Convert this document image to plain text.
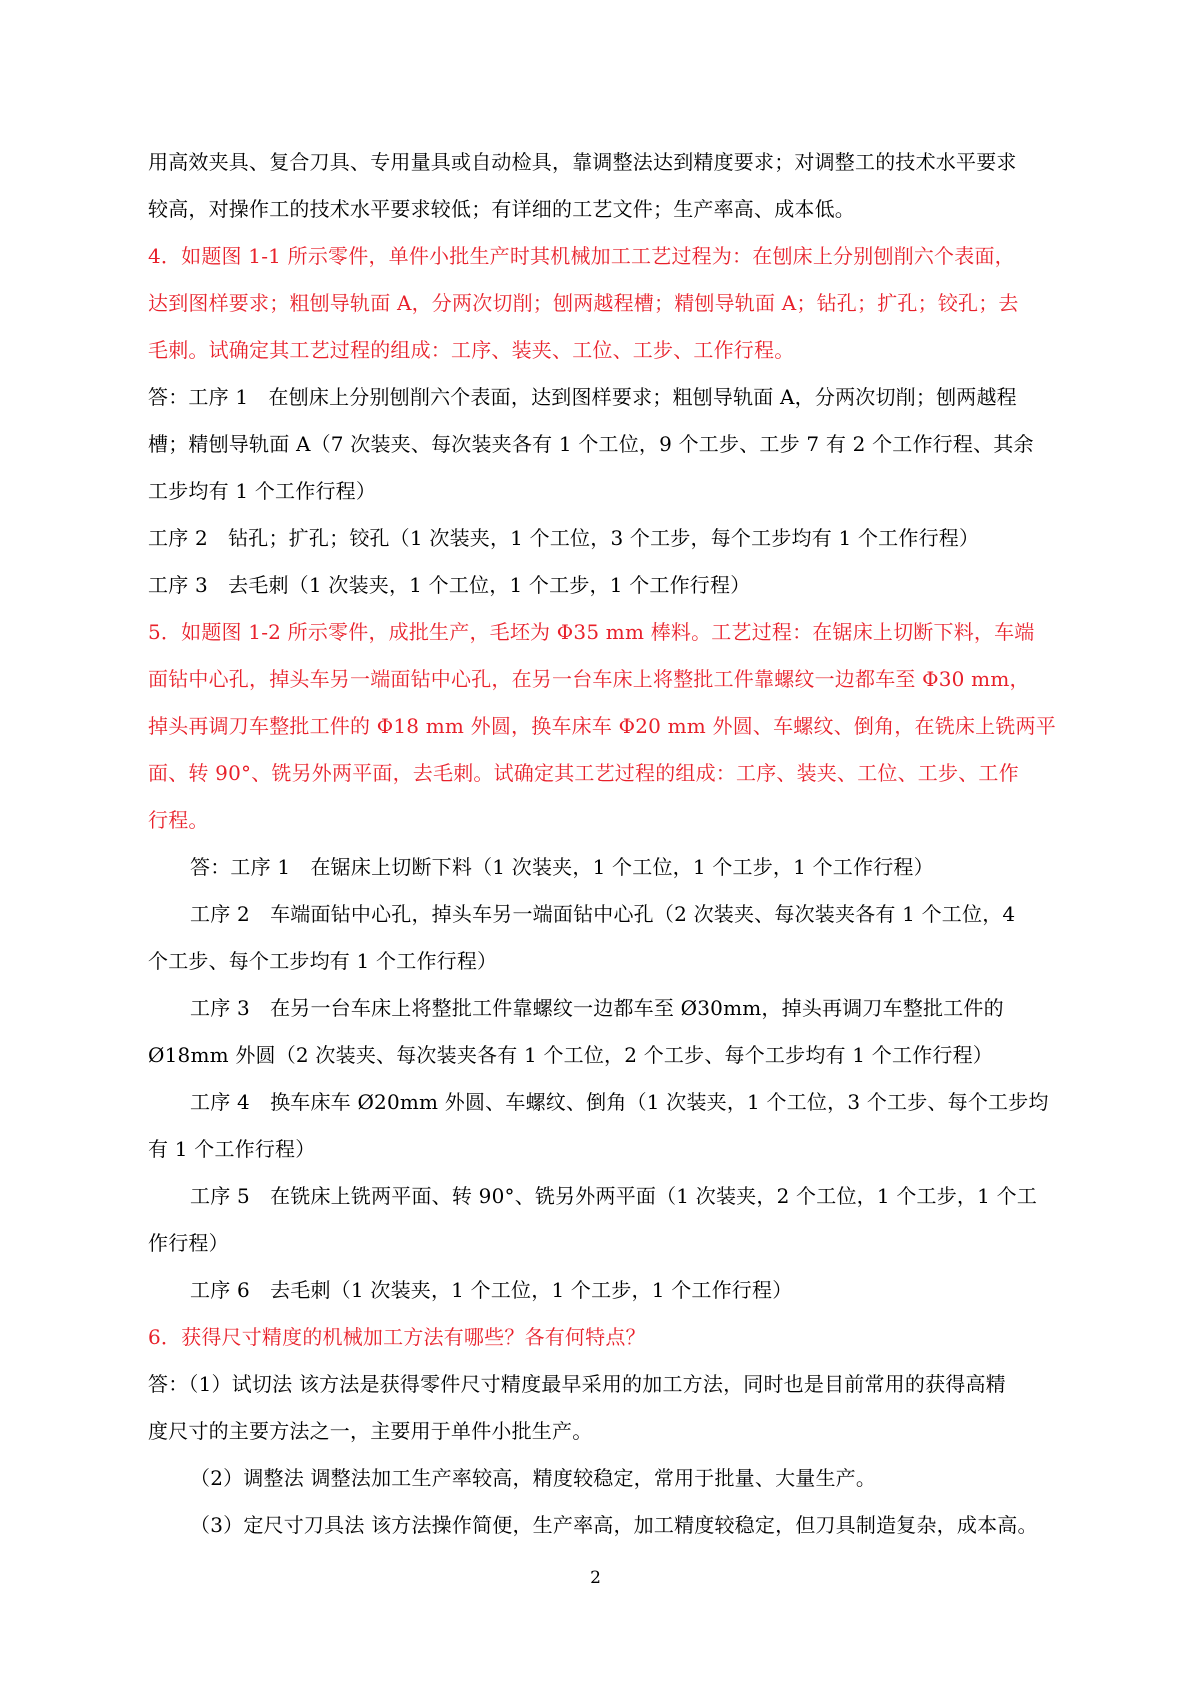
用高效夹具、复合刀具、专用量具或自动检具，靠调整法达到精度要求；对调整工的技术水平要求
较高，对操作工的技术水平要求较低；有详细的工艺文件；生产率高、成本低。
4．如题图 1-1 所示零件，单件小批生产时其机械加工工艺过程为：在刨床上分别刨削六个表面，
达到图样要求；粗刨导轨面 A，分两次切削；刨两越程槽；精刨导轨面 A；钻孔；扩孔；铰孔；去
毛刺。试确定其工艺过程的组成：工序、装夹、工位、工步、工作行程。
答：工序 1　在刨床上分别刨削六个表面，达到图样要求；粗刨导轨面 A，分两次切削；刨两越程
槽；精刨导轨面 A（7 次装夹、每次装夹各有 1 个工位，9 个工步、工步 7 有 2 个工作行程、其余
工步均有 1 个工作行程）
工序 2　钻孔；扩孔；铰孔（1 次装夹，1 个工位，3 个工步，每个工步均有 1 个工作行程）
工序 3　去毛刺（1 次装夹，1 个工位，1 个工步，1 个工作行程）
5．如题图 1-2 所示零件，成批生产，毛坯为 Φ35 mm 棒料。工艺过程：在锯床上切断下料，车端
面钻中心孔，掉头车另一端面钻中心孔，在另一台车床上将整批工件靠螺纹一边都车至 Φ30 mm，
掉头再调刀车整批工件的 Φ18 mm 外圆，换车床车 Φ20 mm 外圆、车螺纹、倒角，在铣床上铣两平
面、转 90°、铣另外两平面，去毛刺。试确定其工艺过程的组成：工序、装夹、工位、工步、工作
行程。
答：工序 1　在锯床上切断下料（1 次装夹，1 个工位，1 个工步，1 个工作行程）
工序 2　车端面钻中心孔，掉头车另一端面钻中心孔（2 次装夹、每次装夹各有 1 个工位，4
个工步、每个工步均有 1 个工作行程）
工序 3　在另一台车床上将整批工件靠螺纹一边都车至 Ø30mm，掉头再调刀车整批工件的
Ø18mm 外圆（2 次装夹、每次装夹各有 1 个工位，2 个工步、每个工步均有 1 个工作行程）
工序 4　换车床车 Ø20mm 外圆、车螺纹、倒角（1 次装夹，1 个工位，3 个工步、每个工步均
有 1 个工作行程）
工序 5　在铣床上铣两平面、转 90°、铣另外两平面（1 次装夹，2 个工位，1 个工步，1 个工
作行程）
工序 6　去毛刺（1 次装夹，1 个工位，1 个工步，1 个工作行程）
6．获得尺寸精度的机械加工方法有哪些？各有何特点？
答：（1）试切法 该方法是获得零件尺寸精度最早采用的加工方法，同时也是目前常用的获得高精
度尺寸的主要方法之一，主要用于单件小批生产。
（2）调整法 调整法加工生产率较高，精度较稳定，常用于批量、大量生产。
（3）定尺寸刀具法 该方法操作简便，生产率高，加工精度较稳定，但刀具制造复杂，成本高。
2
